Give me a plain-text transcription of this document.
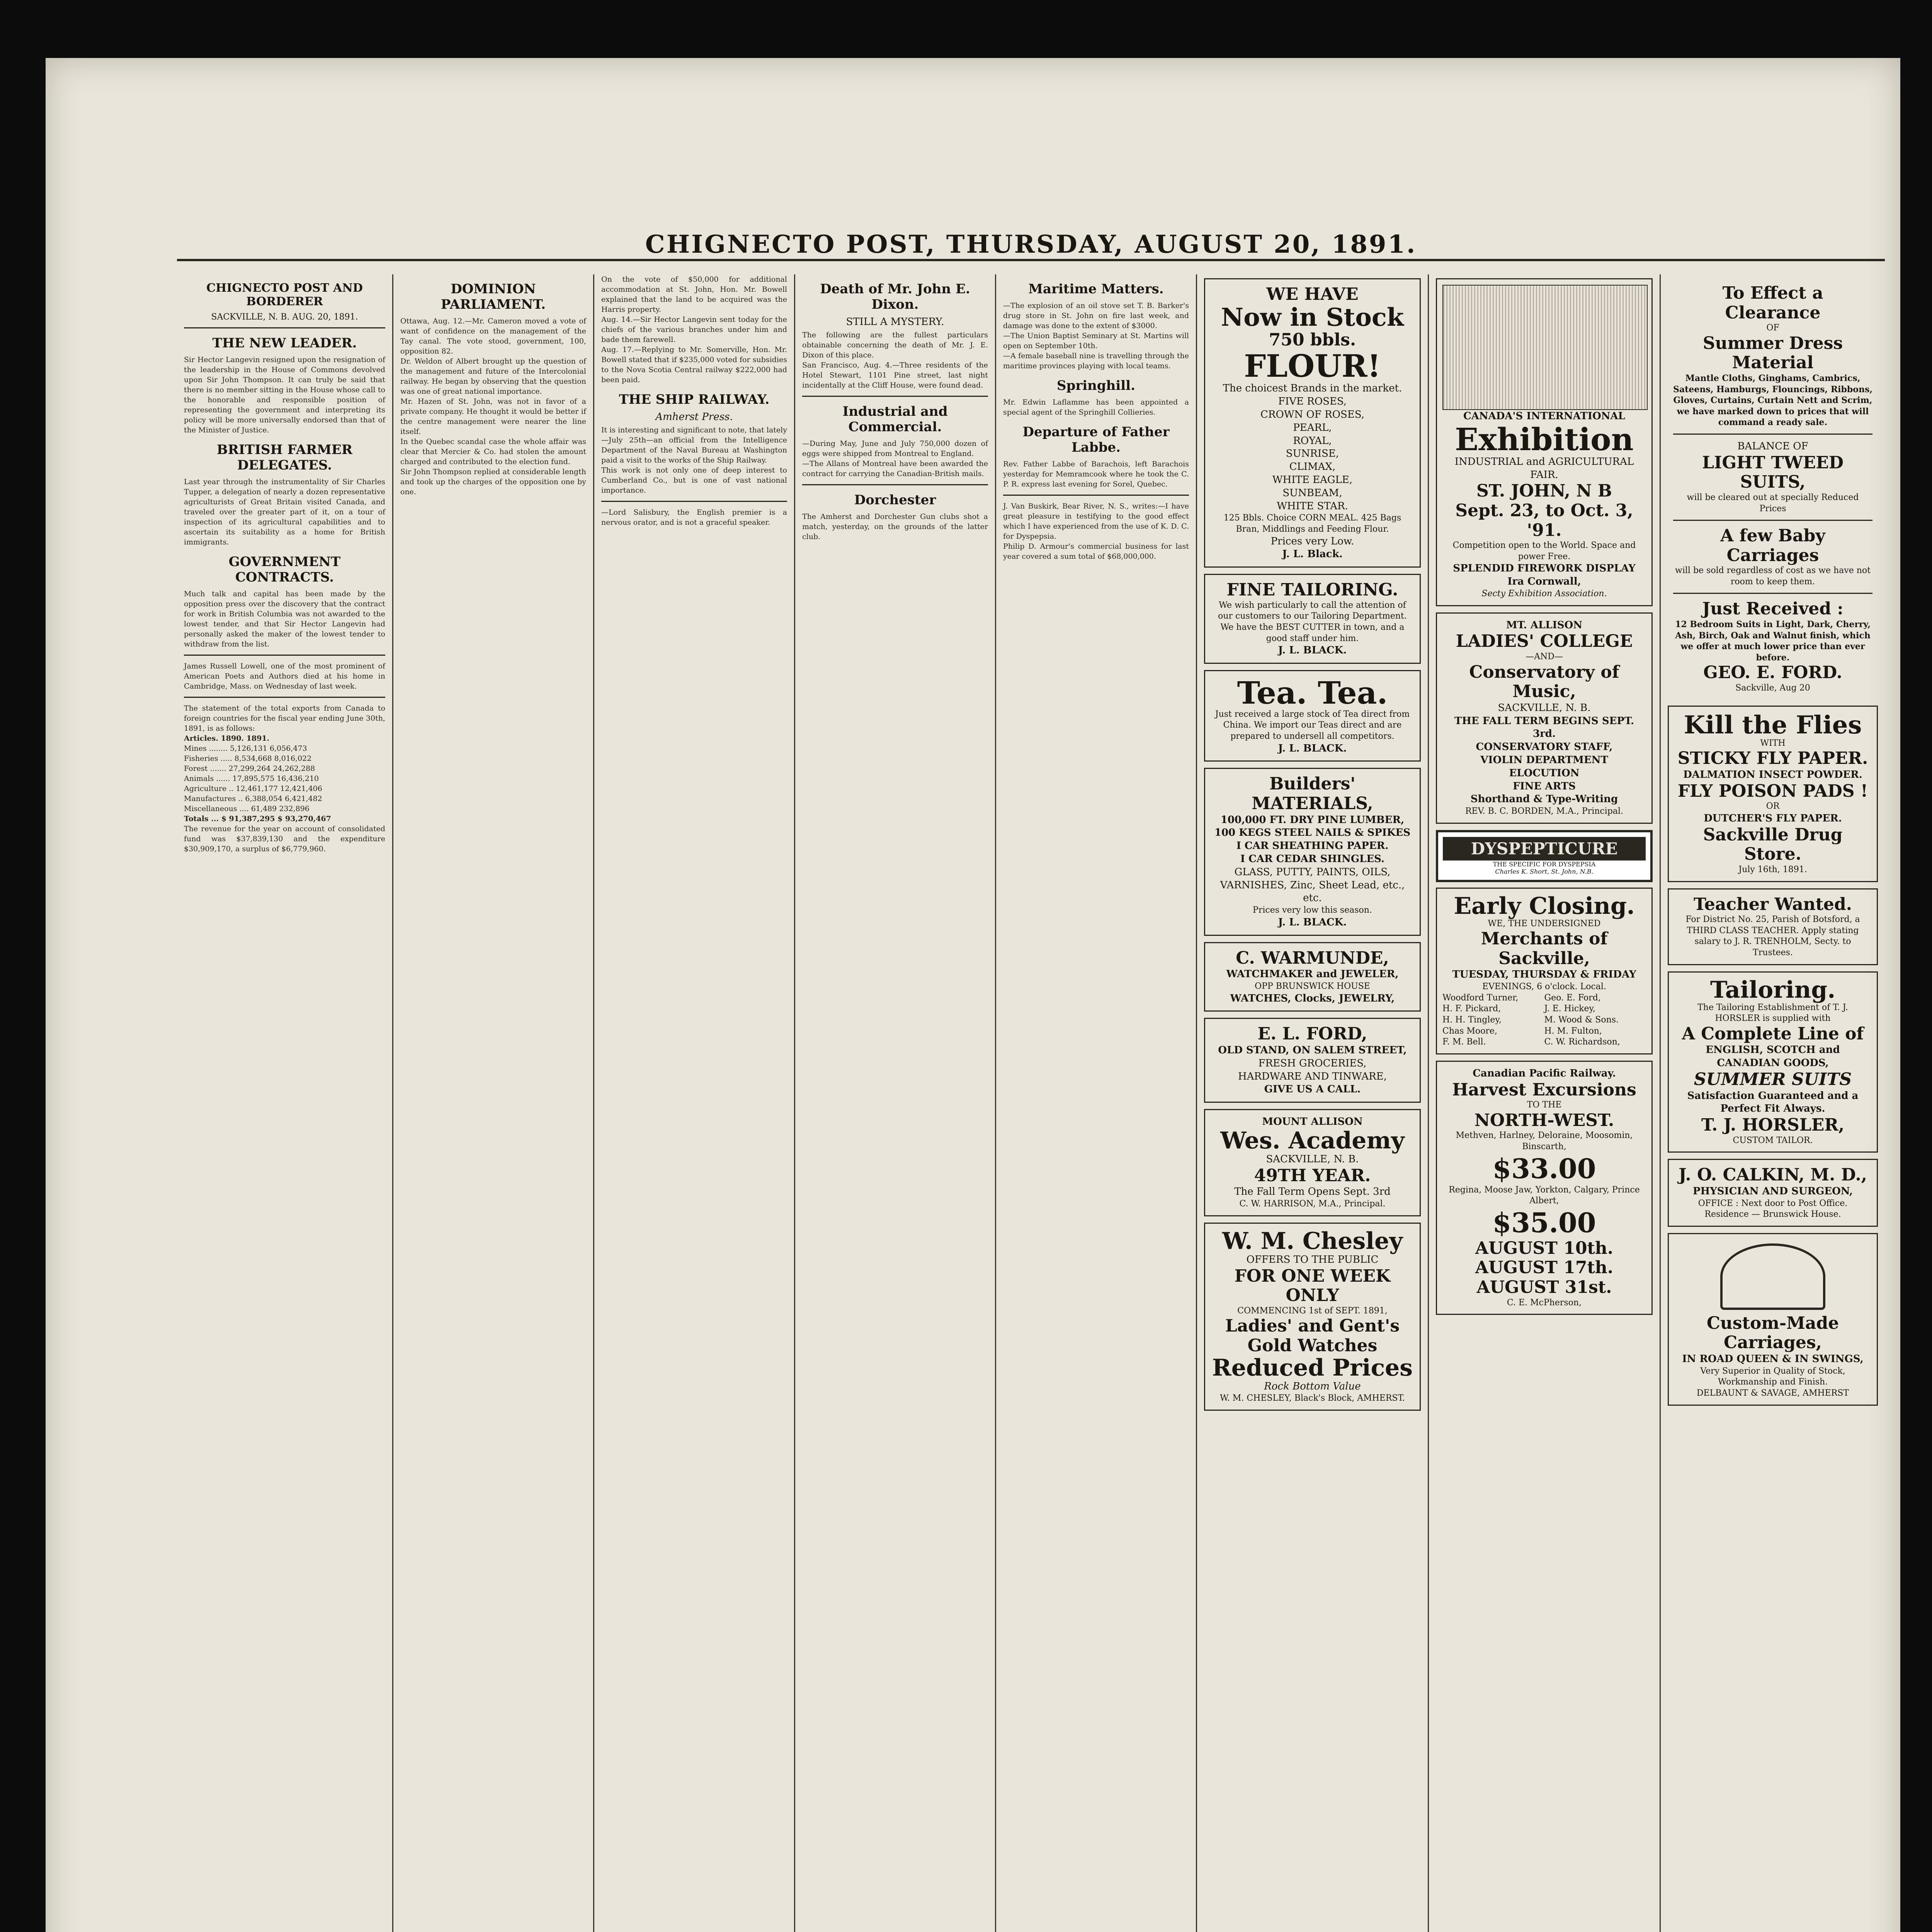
CHIGNECTO POST, THURSDAY, AUGUST 20, 1891.
CHIGNECTO POST AND BORDERER
SACKVILLE, N. B. AUG. 20, 1891.
THE NEW LEADER.
Sir Hector Langevin resigned upon the resignation of the leadership in the House of Commons devolved upon Sir John Thompson. It can truly be said that there is no member sitting in the House whose call to the honorable and responsible position of representing the government and interpreting its policy will be more universally endorsed than that of the Minister of Justice.
BRITISH FARMER DELEGATES.
Last year through the instrumentality of Sir Charles Tupper, a delegation of nearly a dozen representative agriculturists of Great Britain visited Canada, and traveled over the greater part of it, on a tour of inspection of its agricultural capabilities and to ascertain its suitability as a home for British immigrants.
GOVERNMENT CONTRACTS.
Much talk and capital has been made by the opposition press over the discovery that the contract for work in British Columbia was not awarded to the lowest tender, and that Sir Hector Langevin had personally asked the maker of the lowest tender to withdraw from the list.
James Russell Lowell, one of the most prominent of American Poets and Authors died at his home in Cambridge, Mass. on Wednesday of last week.
The statement of the total exports from Canada to foreign countries for the fiscal year ending June 30th, 1891, is as follows:
Articles. 1890. 1891.
Mines ........ 5,126,131 6,056,473
Fisheries ..... 8,534,668 8,016,022
Forest ....... 27,299,264 24,262,288
Animals ...... 17,895,575 16,436,210
Agriculture .. 12,461,177 12,421,406
Manufactures .. 6,388,054 6,421,482
Miscellaneous .... 61,489 232,896
Totals ... $ 91,387,295 $ 93,270,467
The revenue for the year on account of consolidated fund was $37,839,130 and the expenditure $30,909,170, a surplus of $6,779,960.
DOMINION PARLIAMENT.
Ottawa, Aug. 12.—Mr. Cameron moved a vote of want of confidence on the management of the Tay canal. The vote stood, government, 100, opposition 82.
Dr. Weldon of Albert brought up the question of the management and future of the Intercolonial railway. He began by observing that the question was one of great national importance.
Mr. Hazen of St. John, was not in favor of a private company. He thought it would be better if the centre management were nearer the line itself.
In the Quebec scandal case the whole affair was clear that Mercier & Co. had stolen the amount charged and contributed to the election fund.
Sir John Thompson replied at considerable length and took up the charges of the opposition one by one.
On the vote of $50,000 for additional accommodation at St. John, Hon. Mr. Bowell explained that the land to be acquired was the Harris property.
Aug. 14.—Sir Hector Langevin sent today for the chiefs of the various branches under him and bade them farewell.
Aug. 17.—Replying to Mr. Somerville, Hon. Mr. Bowell stated that if $235,000 voted for subsidies to the Nova Scotia Central railway $222,000 had been paid.
THE SHIP RAILWAY.
Amherst Press.
It is interesting and significant to note, that lately—July 25th—an official from the Intelligence Department of the Naval Bureau at Washington paid a visit to the works of the Ship Railway.
This work is not only one of deep interest to Cumberland Co., but is one of vast national importance.
—Lord Salisbury, the English premier is a nervous orator, and is not a graceful speaker.
Death of Mr. John E. Dixon.
STILL A MYSTERY.
The following are the fullest particulars obtainable concerning the death of Mr. J. E. Dixon of this place.
San Francisco, Aug. 4.—Three residents of the Hotel Stewart, 1101 Pine street, last night incidentally at the Cliff House, were found dead.
Industrial and Commercial.
—During May, June and July 750,000 dozen of eggs were shipped from Montreal to England.
—The Allans of Montreal have been awarded the contract for carrying the Canadian-British mails.
Dorchester
The Amherst and Dorchester Gun clubs shot a match, yesterday, on the grounds of the latter club.
Maritime Matters.
—The explosion of an oil stove set T. B. Barker's drug store in St. John on fire last week, and damage was done to the extent of $3000.
—The Union Baptist Seminary at St. Martins will open on September 10th.
—A female baseball nine is travelling through the maritime provinces playing with local teams.
Springhill.
Mr. Edwin Laflamme has been appointed a special agent of the Springhill Collieries.
Departure of Father Labbe.
Rev. Father Labbe of Barachois, left Barachois yesterday for Memramcook where he took the C. P. R. express last evening for Sorel, Quebec.
J. Van Buskirk, Bear River, N. S., writes:—I have great pleasure in testifying to the good effect which I have experienced from the use of K. D. C. for Dyspepsia.
Philip D. Armour's commercial business for last year covered a sum total of $68,000,000.
WE HAVE
Now in Stock
750 bbls.
FLOUR!
The choicest Brands in the market.
FIVE ROSES,
CROWN OF ROSES,
PEARL,
ROYAL,
SUNRISE,
CLIMAX,
WHITE EAGLE,
SUNBEAM,
WHITE STAR.
125 Bbls. Choice CORN MEAL. 425 Bags Bran, Middlings and Feeding Flour.
Prices very Low.
J. L. Black.
FINE TAILORING.
We wish particularly to call the attention of our customers to our Tailoring Department. We have the BEST CUTTER in town, and a good staff under him.
J. L. BLACK.
Tea. Tea.
Just received a large stock of Tea direct from China. We import our Teas direct and are prepared to undersell all competitors.
J. L. BLACK.
Builders' MATERIALS,
100,000 FT. DRY PINE LUMBER,
100 KEGS STEEL NAILS & SPIKES
I CAR SHEATHING PAPER.
I CAR CEDAR SHINGLES.
GLASS, PUTTY, PAINTS, OILS, VARNISHES, Zinc, Sheet Lead, etc., etc.
Prices very low this season.
J. L. BLACK.
C. WARMUNDE,
WATCHMAKER and JEWELER,
OPP BRUNSWICK HOUSE
WATCHES, Clocks, JEWELRY,
E. L. FORD,
OLD STAND, ON SALEM STREET,
FRESH GROCERIES,
HARDWARE AND TINWARE,
GIVE US A CALL.
MOUNT ALLISON
Wes. Academy
SACKVILLE, N. B.
49TH YEAR.
The Fall Term Opens Sept. 3rd
C. W. HARRISON, M.A., Principal.
W. M. Chesley
OFFERS TO THE PUBLIC
FOR ONE WEEK ONLY
COMMENCING 1st of SEPT. 1891,
Ladies' and Gent's Gold Watches
Reduced Prices
Rock Bottom Value
W. M. CHESLEY, Black's Block, AMHERST.
CANADA'S INTERNATIONAL
Exhibition
INDUSTRIAL and AGRICULTURAL FAIR.
ST. JOHN, N B
Sept. 23, to Oct. 3, '91.
Competition open to the World. Space and power Free.
SPLENDID FIREWORK DISPLAY
Ira Cornwall,
Secty Exhibition Association.
MT. ALLISON
LADIES' COLLEGE
—AND—
Conservatory of Music,
SACKVILLE, N. B.
THE FALL TERM BEGINS SEPT. 3rd.
CONSERVATORY STAFF,
VIOLIN DEPARTMENT
ELOCUTION
FINE ARTS
Shorthand & Type-Writing
REV. B. C. BORDEN, M.A., Principal.
DYSPEPTICURE
THE SPECIFIC FOR DYSPEPSIA
Charles K. Short, St. John, N.B.
Early Closing.
WE, THE UNDERSIGNED
Merchants of Sackville,
TUESDAY, THURSDAY & FRIDAY
EVENINGS, 6 o'clock. Local.
Woodford Turner,	Geo. E. Ford,
H. F. Pickard,	J. E. Hickey,
H. H. Tingley,	M. Wood & Sons.
Chas Moore,	H. M. Fulton,
F. M. Bell.	C. W. Richardson,
Canadian Pacific Railway.
Harvest Excursions
TO THE
NORTH-WEST.
Methven, Harlney, Deloraine, Moosomin, Binscarth,
$33.00
Regina, Moose Jaw, Yorkton, Calgary, Prince Albert,
$35.00
AUGUST 10th.
AUGUST 17th.
AUGUST 31st.
C. E. McPherson,
To Effect a Clearance
OF
Summer Dress Material
Mantle Cloths, Ginghams, Cambrics, Sateens, Hamburgs, Flouncings, Ribbons, Gloves, Curtains, Curtain Nett and Scrim, we have marked down to prices that will command a ready sale.
BALANCE OF
LIGHT TWEED SUITS,
will be cleared out at specially Reduced Prices
A few Baby Carriages
will be sold regardless of cost as we have not room to keep them.
Just Received :
12 Bedroom Suits in Light, Dark, Cherry, Ash, Birch, Oak and Walnut finish, which we offer at much lower price than ever before.
GEO. E. FORD.
Sackville, Aug 20
Kill the Flies
WITH
STICKY FLY PAPER.
DALMATION INSECT POWDER.
FLY POISON PADS !
OR
DUTCHER'S FLY PAPER.
Sackville Drug Store.
July 16th, 1891.
Teacher Wanted.
For District No. 25, Parish of Botsford, a THIRD CLASS TEACHER. Apply stating salary to J. R. TRENHOLM, Secty. to Trustees.
Tailoring.
The Tailoring Establishment of T. J. HORSLER is supplied with
A Complete Line of
ENGLISH, SCOTCH and CANADIAN GOODS,
SUMMER SUITS
Satisfaction Guaranteed and a Perfect Fit Always.
T. J. HORSLER,
CUSTOM TAILOR.
J. O. CALKIN, M. D.,
PHYSICIAN AND SURGEON,
OFFICE : Next door to Post Office.
Residence — Brunswick House.
Custom-Made Carriages,
IN ROAD QUEEN & IN SWINGS,
Very Superior in Quality of Stock, Workmanship and Finish.
DELBAUNT & SAVAGE, AMHERST
